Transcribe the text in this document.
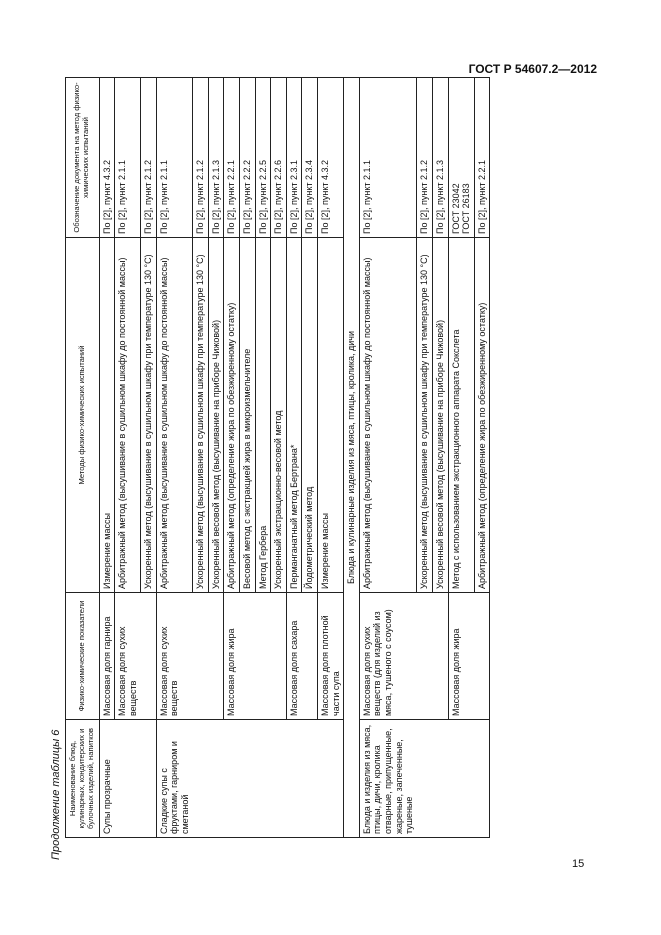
ГОСТ Р 54607.2—2012
Продолжение таблицы 6 Наименование блюд, кулинарных, кондитерских и булочных изделий, напитков	Физико-химические показатели	Методы физико-химических испытаний	Обозначение документа на метод физико-химических испытаний
Супы прозрачные	Массовая доля гарнира	Измерение массы	По [2], пункт 4.3.2
	Массовая доля сухих веществ	Арбитражный метод (высушивание в сушильном шкафу до постоянной массы)	По [2], пункт 2.1.1
		Ускоренный метод (высушивание в сушильном шкафу при температуре 130 °С)	По [2], пункт 2.1.2
Сладкие супы с фруктами, гарниром и сметаной	Массовая доля сухих веществ	Арбитражный метод (высушивание в сушильном шкафу до постоянной массы)	По [2], пункт 2.1.1
		Ускоренный метод (высушивание в сушильном шкафу при температуре 130 °С)	По [2], пункт 2.1.2
		Ускоренный весовой метод (высушивание на приборе Чижовой)	По [2], пункт 2.1.3
	Массовая доля жира	Арбитражный метод (определение жира по обезжиренному остатку)	По [2], пункт 2.2.1
		Весовой метод с экстракцией жира в микроизмельчителе	По [2], пункт 2.2.2
		Метод Гербера	По [2], пункт 2.2.5
		Ускоренный экстракционно-весовой метод	По [2], пункт 2.2.6
	Массовая доля сахара	Перманганатный метод Бертрана*	По [2], пункт 2.3.1
		Йодометрический метод	По [2], пункт 2.3.4
	Массовая доля плотной части супа	Измерение массы	По [2], пункт 4.3.2
Блюда и кулинарные изделия из мяса, птицы, кролика, дичи			
Блюда и изделия из мяса, птицы, дичи, кролика отварные, припущенные, жареные, запеченные, тушеные	Массовая доля сухих веществ (для изделий из мяса, тушеного с соусом)	Арбитражный метод (высушивание в сушильном шкафу до постоянной массы)	По [2], пункт 2.1.1
		Ускоренный метод (высушивание в сушильном шкафу при температуре 130 °С)	По [2], пункт 2.1.2
		Ускоренный весовой метод (высушивание на приборе Чижовой)	По [2], пункт 2.1.3
	Массовая доля жира	Метод с использованием экстракционного аппарата Сокслета	ГОСТ 23042
ГОСТ 26183
		Арбитражный метод (определение жира по обезжиренному остатку)	По [2], пункт 2.2.1
15
